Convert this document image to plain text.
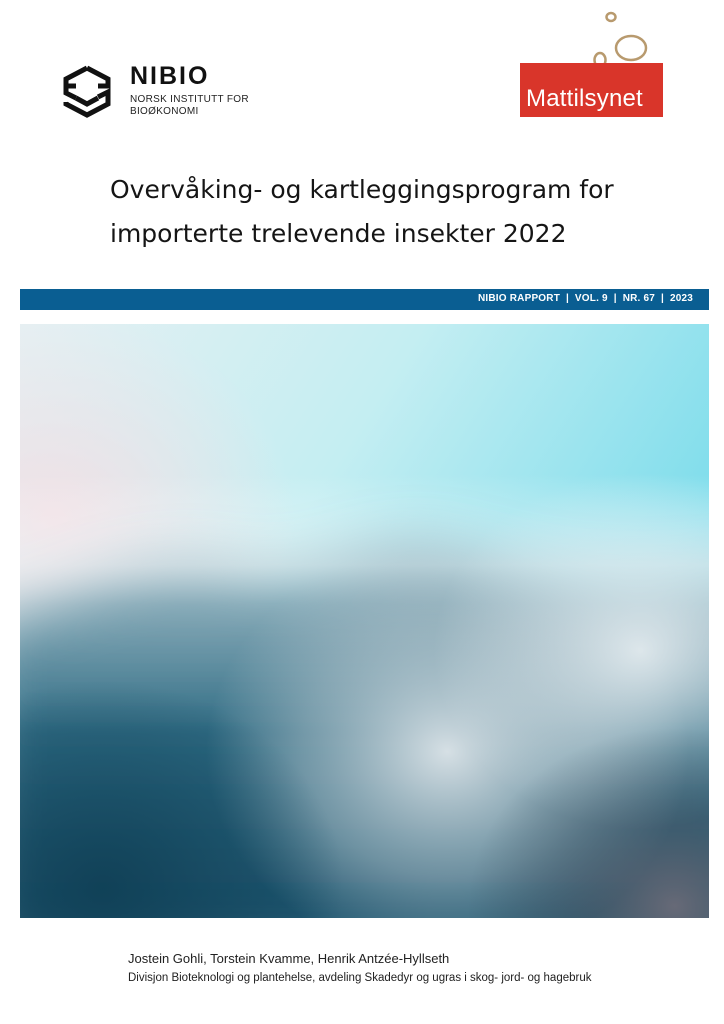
NIBIO
NORSK INSTITUTT FOR
BIOØKONOMI	Mattilsynet
Overvåking- og kartleggingsprogram for
importerte trelevende insekter 2022
NIBIO RAPPORT  |  VOL. 9  |  NR. 67  |  2023
Jostein Gohli, Torstein Kvamme, Henrik Antzée-Hyllseth
Divisjon Bioteknologi og plantehelse, avdeling Skadedyr og ugras i skog- jord- og hagebruk
